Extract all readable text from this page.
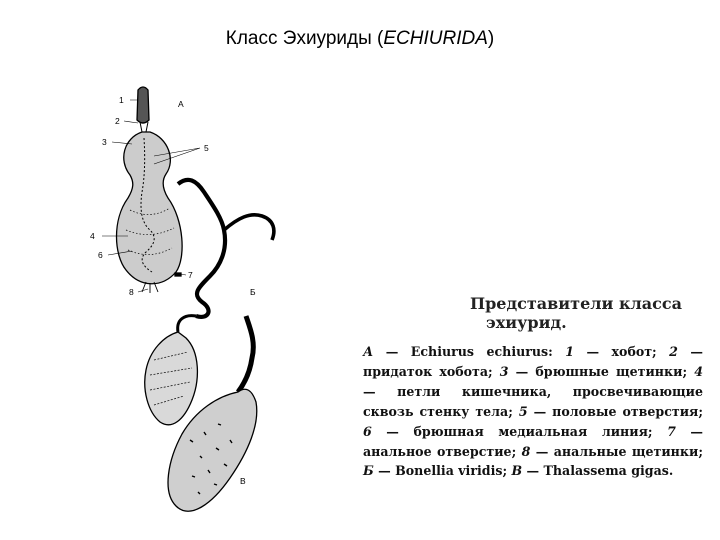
Класс Эхиуриды (ECHIURIDA)
А
Б
В
1
2
3
4
5
6
7
8
Представители класса
эхиурид.
А — Echiurus echiurus: 1 — хобот; 2 — придаток хобота; 3 — брюшные щетинки; 4 — петли кишечника, просвечивающие сквозь стенку тела; 5 — половые отверстия; 6 — брюшная медиальная линия; 7 — анальное отверстие; 8 — анальные щетинки; Б — Bonellia viridis; В — Thalassema gigas.
